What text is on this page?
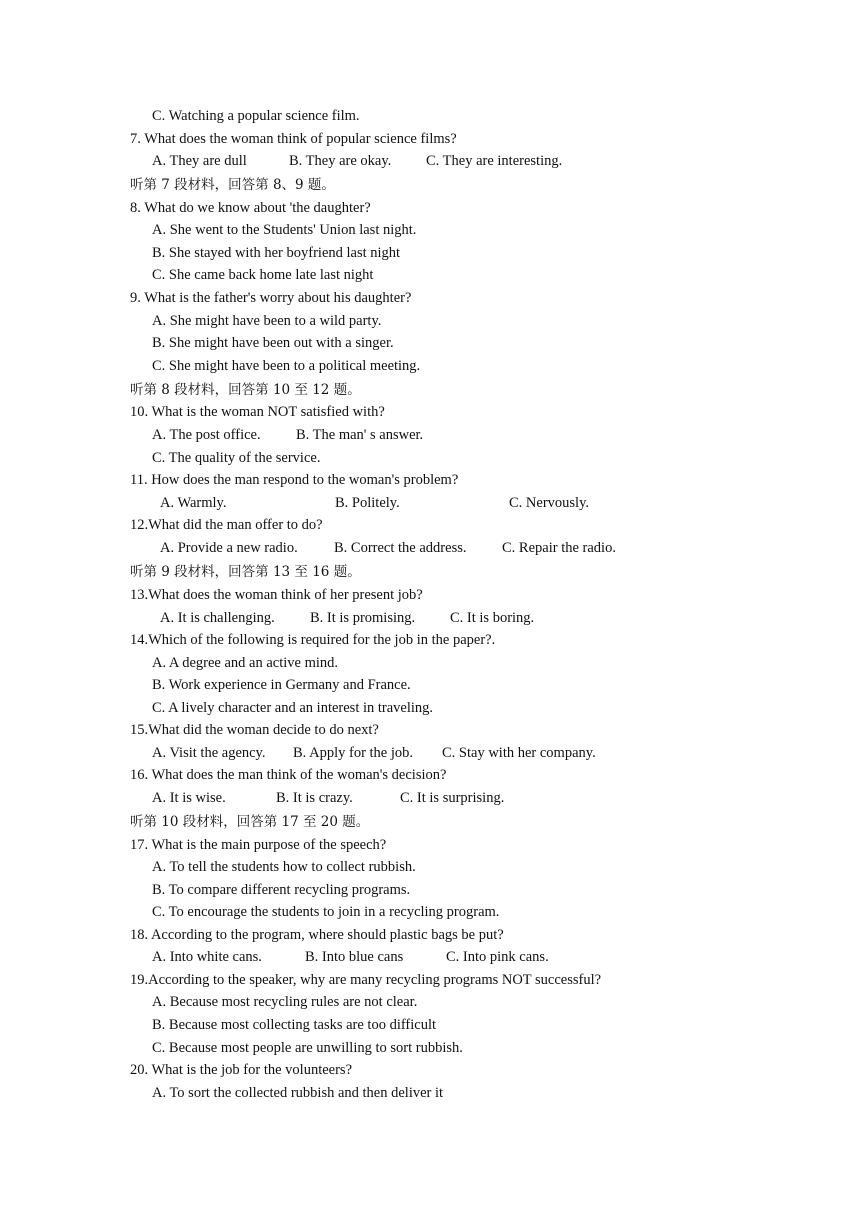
C. Watching a popular science film.
7. What does the woman think of popular science films?
A. They are dull	B. They are okay. C. They are interesting.
听第 7 段材料，回答第 8、9 题。
8. What do we know about 'the daughter?
A. She went to the Students' Union last night.
B. She stayed with her boyfriend last night
C. She came back home late last night
9. What is the father's worry about his daughter?
A. She might have been to a wild party.
B. She might have been out with a singer.
C. She might have been to a political meeting.
听第 8 段材料，回答第 10 至 12 题。
10. What is the woman NOT satisfied with?
A. The post office. B. The man' s answer.
C. The quality of the service.
11. How does the man respond to the woman's problem?
A. Warmly.	B. Politely.	C. Nervously.
12.What did the man offer to do?
A. Provide a new radio.	B. Correct the address. C. Repair the radio.
听第 9 段材料，回答第 13 至 16 题。
13.What does the woman think of her present job?
A. It is challenging. B. It is promising. C. It is boring.
14.Which of the following is required for the job in the paper?.
A. A degree and an active mind.
B. Work experience in Germany and France.
C. A lively character and an interest in traveling.
15.What did the woman decide to do next?
A. Visit the agency. B. Apply for the job. C. Stay with her company.
16. What does the man think of the woman's decision?
A. It is wise.	B. It is crazy.	C. It is surprising.
听第 10 段材料，回答第 17 至 20 题。
17. What is the main purpose of the speech?
A. To tell the students how to collect rubbish.
B. To compare different recycling programs.
C. To encourage the students to join in a recycling program.
18. According to the program, where should plastic bags be put?
A. Into white cans.	B. Into blue cans	C. Into pink cans.
19.According to the speaker, why are many recycling programs NOT successful?
A. Because most recycling rules are not clear.
B. Because most collecting tasks are too difficult
C. Because most people are unwilling to sort rubbish.
20. What is the job for the volunteers?
A. To sort the collected rubbish and then deliver it
